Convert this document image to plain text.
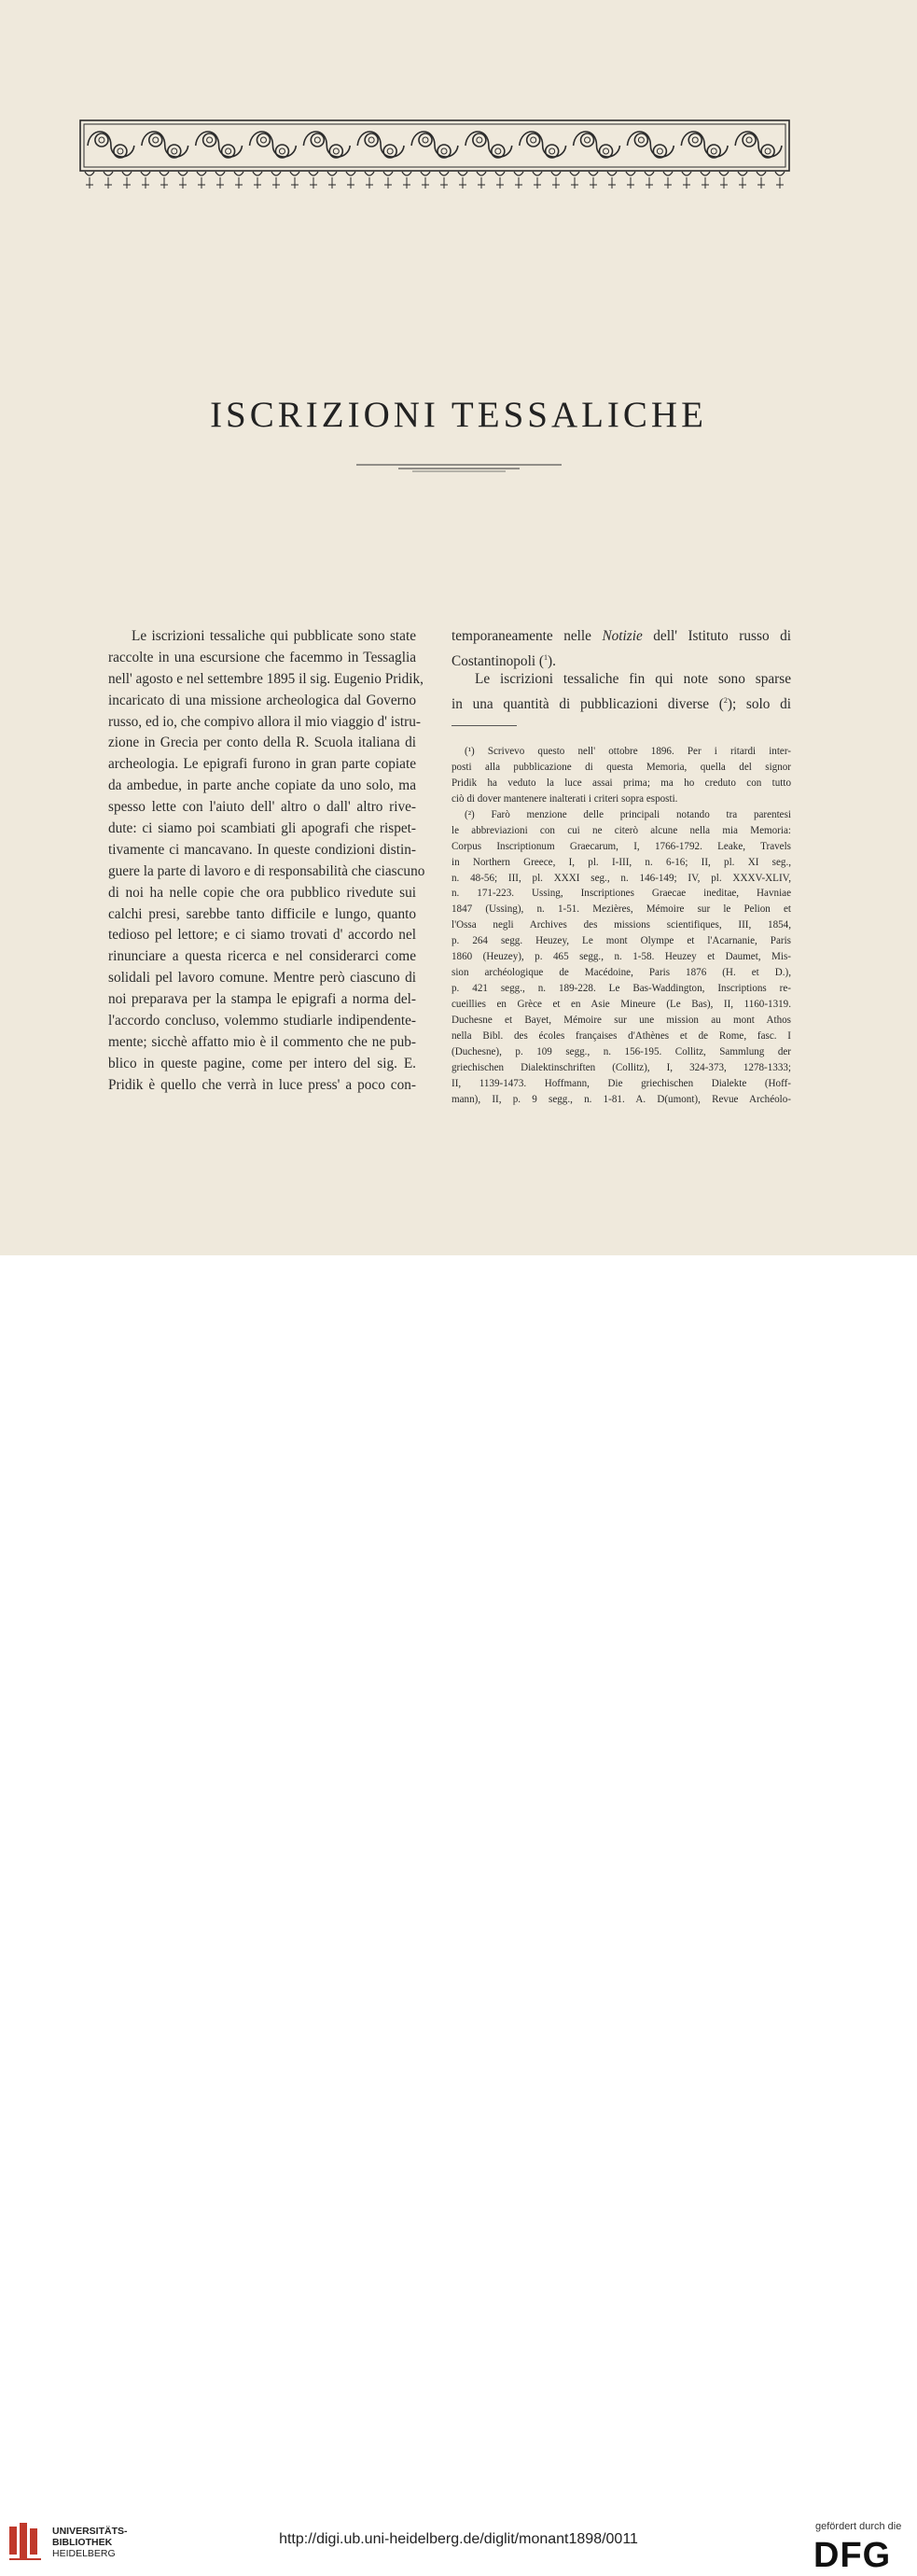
ISCRIZIONI TESSALICHE
Le iscrizioni tessaliche qui pubblicate sono state
raccolte in una escursione che facemmo in Tessaglia
nell' agosto e nel settembre 1895 il sig. Eugenio Pridik,
incaricato di una missione archeologica dal Governo
russo, ed io, che compivo allora il mio viaggio d' istru-
zione in Grecia per conto della R. Scuola italiana di
archeologia. Le epigrafi furono in gran parte copiate
da ambedue, in parte anche copiate da uno solo, ma
spesso lette con l'aiuto dell' altro o dall' altro rive-
dute: ci siamo poi scambiati gli apografi che rispet-
tivamente ci mancavano. In queste condizioni distin-
guere la parte di lavoro e di responsabilità che ciascuno
di noi ha nelle copie che ora pubblico rivedute sui
calchi presi, sarebbe tanto difficile e lungo, quanto
tedioso pel lettore; e ci siamo trovati d' accordo nel
rinunciare a questa ricerca e nel considerarci come
solidali pel lavoro comune. Mentre però ciascuno di
noi preparava per la stampa le epigrafi a norma del-
l'accordo concluso, volemmo studiarle indipendente-
mente; sicchè affatto mio è il commento che ne pub-
blico in queste pagine, come per intero del sig. E.
Pridik è quello che verrà in luce press' a poco con-
temporaneamente nelle Notizie dell' Istituto russo di
Costantinopoli ($^1$).
Le iscrizioni tessaliche fin qui note sono sparse
in una quantità di pubblicazioni diverse ($^2$); solo di
(¹) Scrivevo questo nell' ottobre 1896. Per i ritardi inter-
posti alla pubblicazione di questa Memoria, quella del signor
Pridik ha veduto la luce assai prima; ma ho creduto con tutto
ciò di dover mantenere inalterati i criteri sopra esposti.
(²) Farò menzione delle principali notando tra parentesi
le abbreviazioni con cui ne citerò alcune nella mia Memoria:
Corpus Inscriptionum Graecarum, I, 1766-1792. Leake, Travels
in Northern Greece, I, pl. I-III, n. 6-16; II, pl. XI seg.,
n. 48-56; III, pl. XXXI seg., n. 146-149; IV, pl. XXXV-XLIV,
n. 171-223. Ussing, Inscriptiones Graecae ineditae, Havniae
1847 (Ussing), n. 1-51. Mezières, Mémoire sur le Pelion et
l'Ossa negli Archives des missions scientifiques, III, 1854,
p. 264 segg. Heuzey, Le mont Olympe et l'Acarnanie, Paris
1860 (Heuzey), p. 465 segg., n. 1-58. Heuzey et Daumet, Mis-
sion archéologique de Macédoine, Paris 1876 (H. et D.),
p. 421 segg., n. 189-228. Le Bas-Waddington, Inscriptions re-
cueillies en Grèce et en Asie Mineure (Le Bas), II, 1160-1319.
Duchesne et Bayet, Mémoire sur une mission au mont Athos
nella Bibl. des écoles françaises d'Athènes et de Rome, fasc. I
(Duchesne), p. 109 segg., n. 156-195. Collitz, Sammlung der
griechischen Dialektinschriften (Collitz), I, 324-373, 1278-1333;
II, 1139-1473. Hoffmann, Die griechischen Dialekte (Hoff-
mann), II, p. 9 segg., n. 1-81. A. D(umont), Revue Archéolo-
UNIVERSITÄTS-
BIBLIOTHEK
HEIDELBERG
http://digi.ub.uni-heidelberg.de/diglit/monant1898/0011
gefördert durch die
DFG
